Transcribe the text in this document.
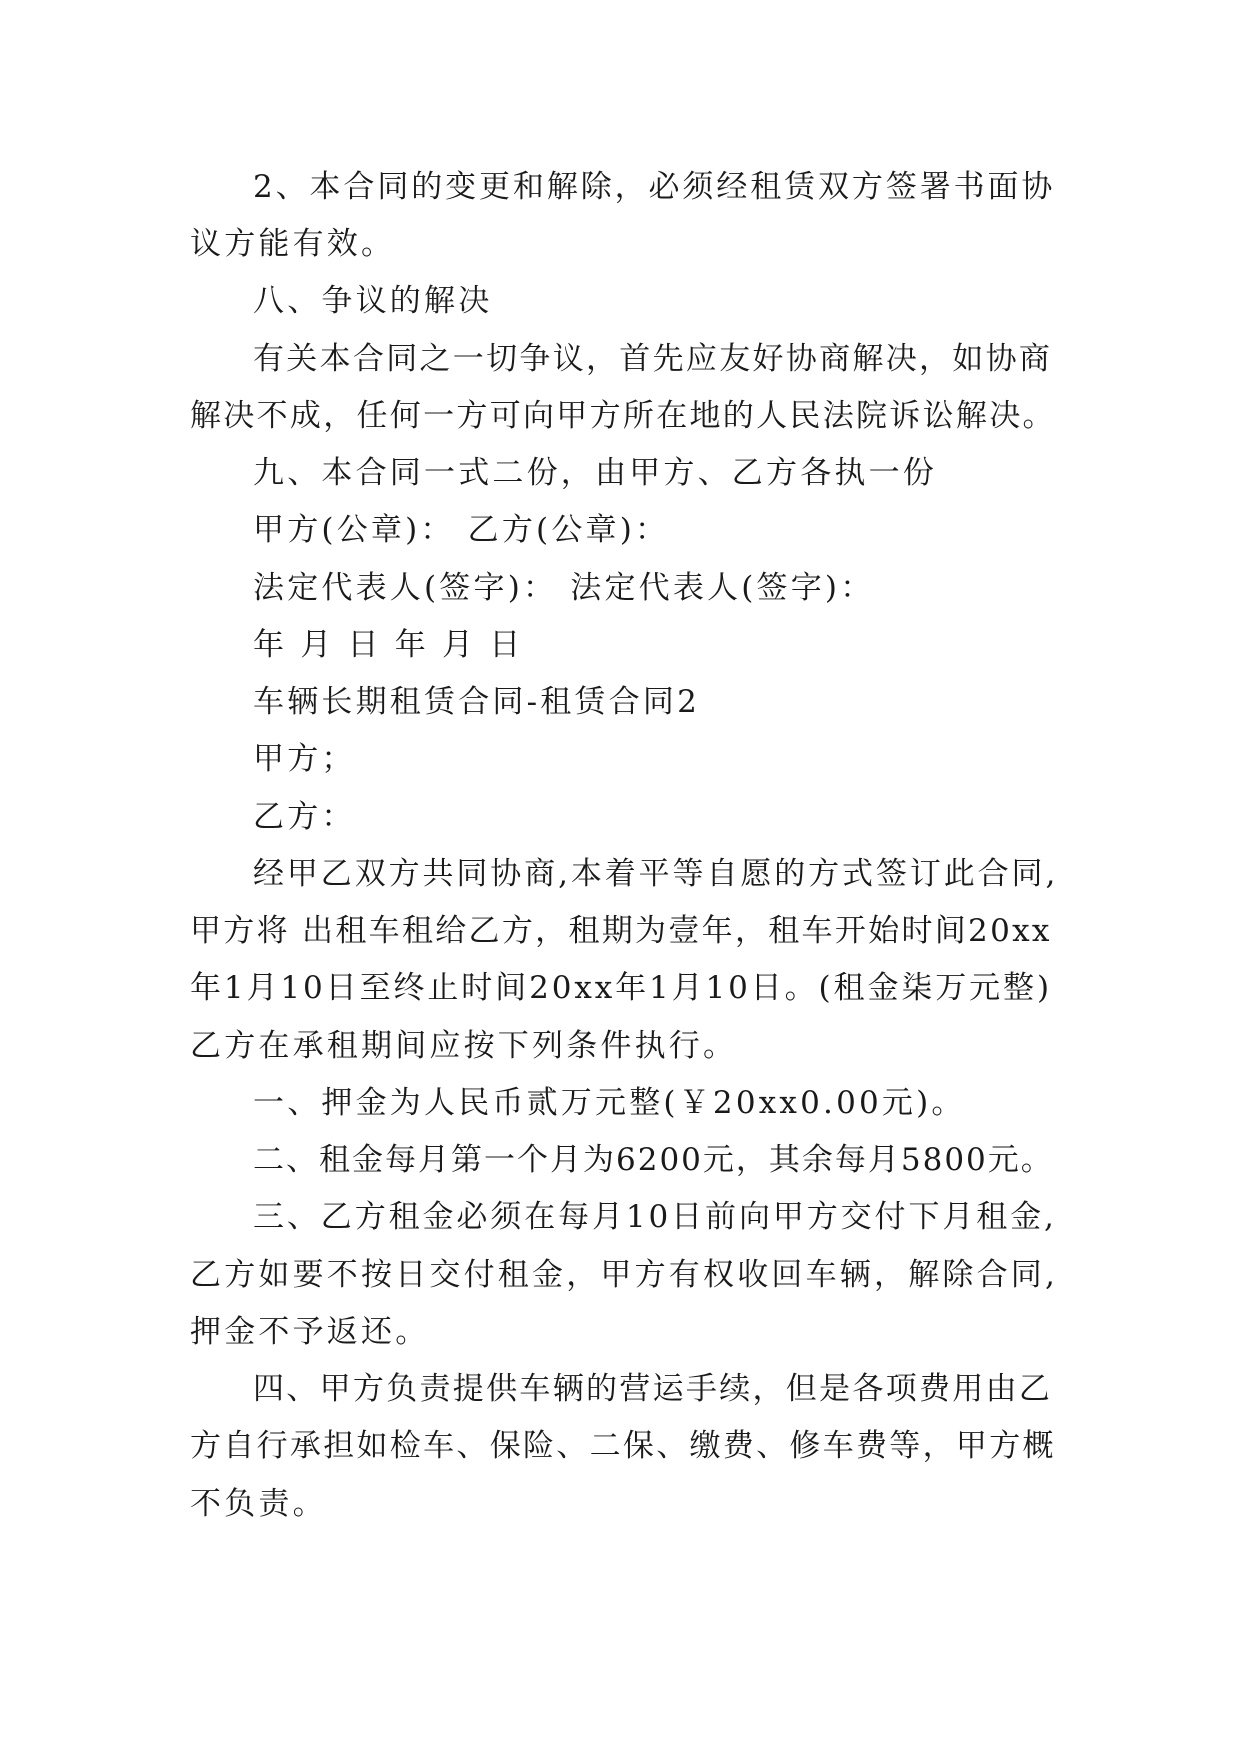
2、本合同的变更和解除，必须经租赁双方签署书面协
议方能有效。
八、争议的解决
有关本合同之一切争议，首先应友好协商解决，如协商
解决不成，任何一方可向甲方所在地的人民法院诉讼解决。
九、本合同一式二份，由甲方、乙方各执一份
甲方(公章)： 乙方(公章)：
法定代表人(签字)： 法定代表人(签字)：
年 月 日 年 月 日
车辆长期租赁合同-租赁合同2
甲方；
乙方：
经甲乙双方共同协商,本着平等自愿的方式签订此合同,
甲方将 出租车租给乙方，租期为壹年，租车开始时间20xx
年1月10日至终止时间20xx年1月10日。(租金柒万元整)
乙方在承租期间应按下列条件执行。
一、押金为人民币贰万元整(￥20xx0.00元)。
二、租金每月第一个月为6200元，其余每月5800元。
三、乙方租金必须在每月10日前向甲方交付下月租金,
乙方如要不按日交付租金，甲方有权收回车辆，解除合同,
押金不予返还。
四、甲方负责提供车辆的营运手续，但是各项费用由乙
方自行承担如检车、保险、二保、缴费、修车费等，甲方概
不负责。
